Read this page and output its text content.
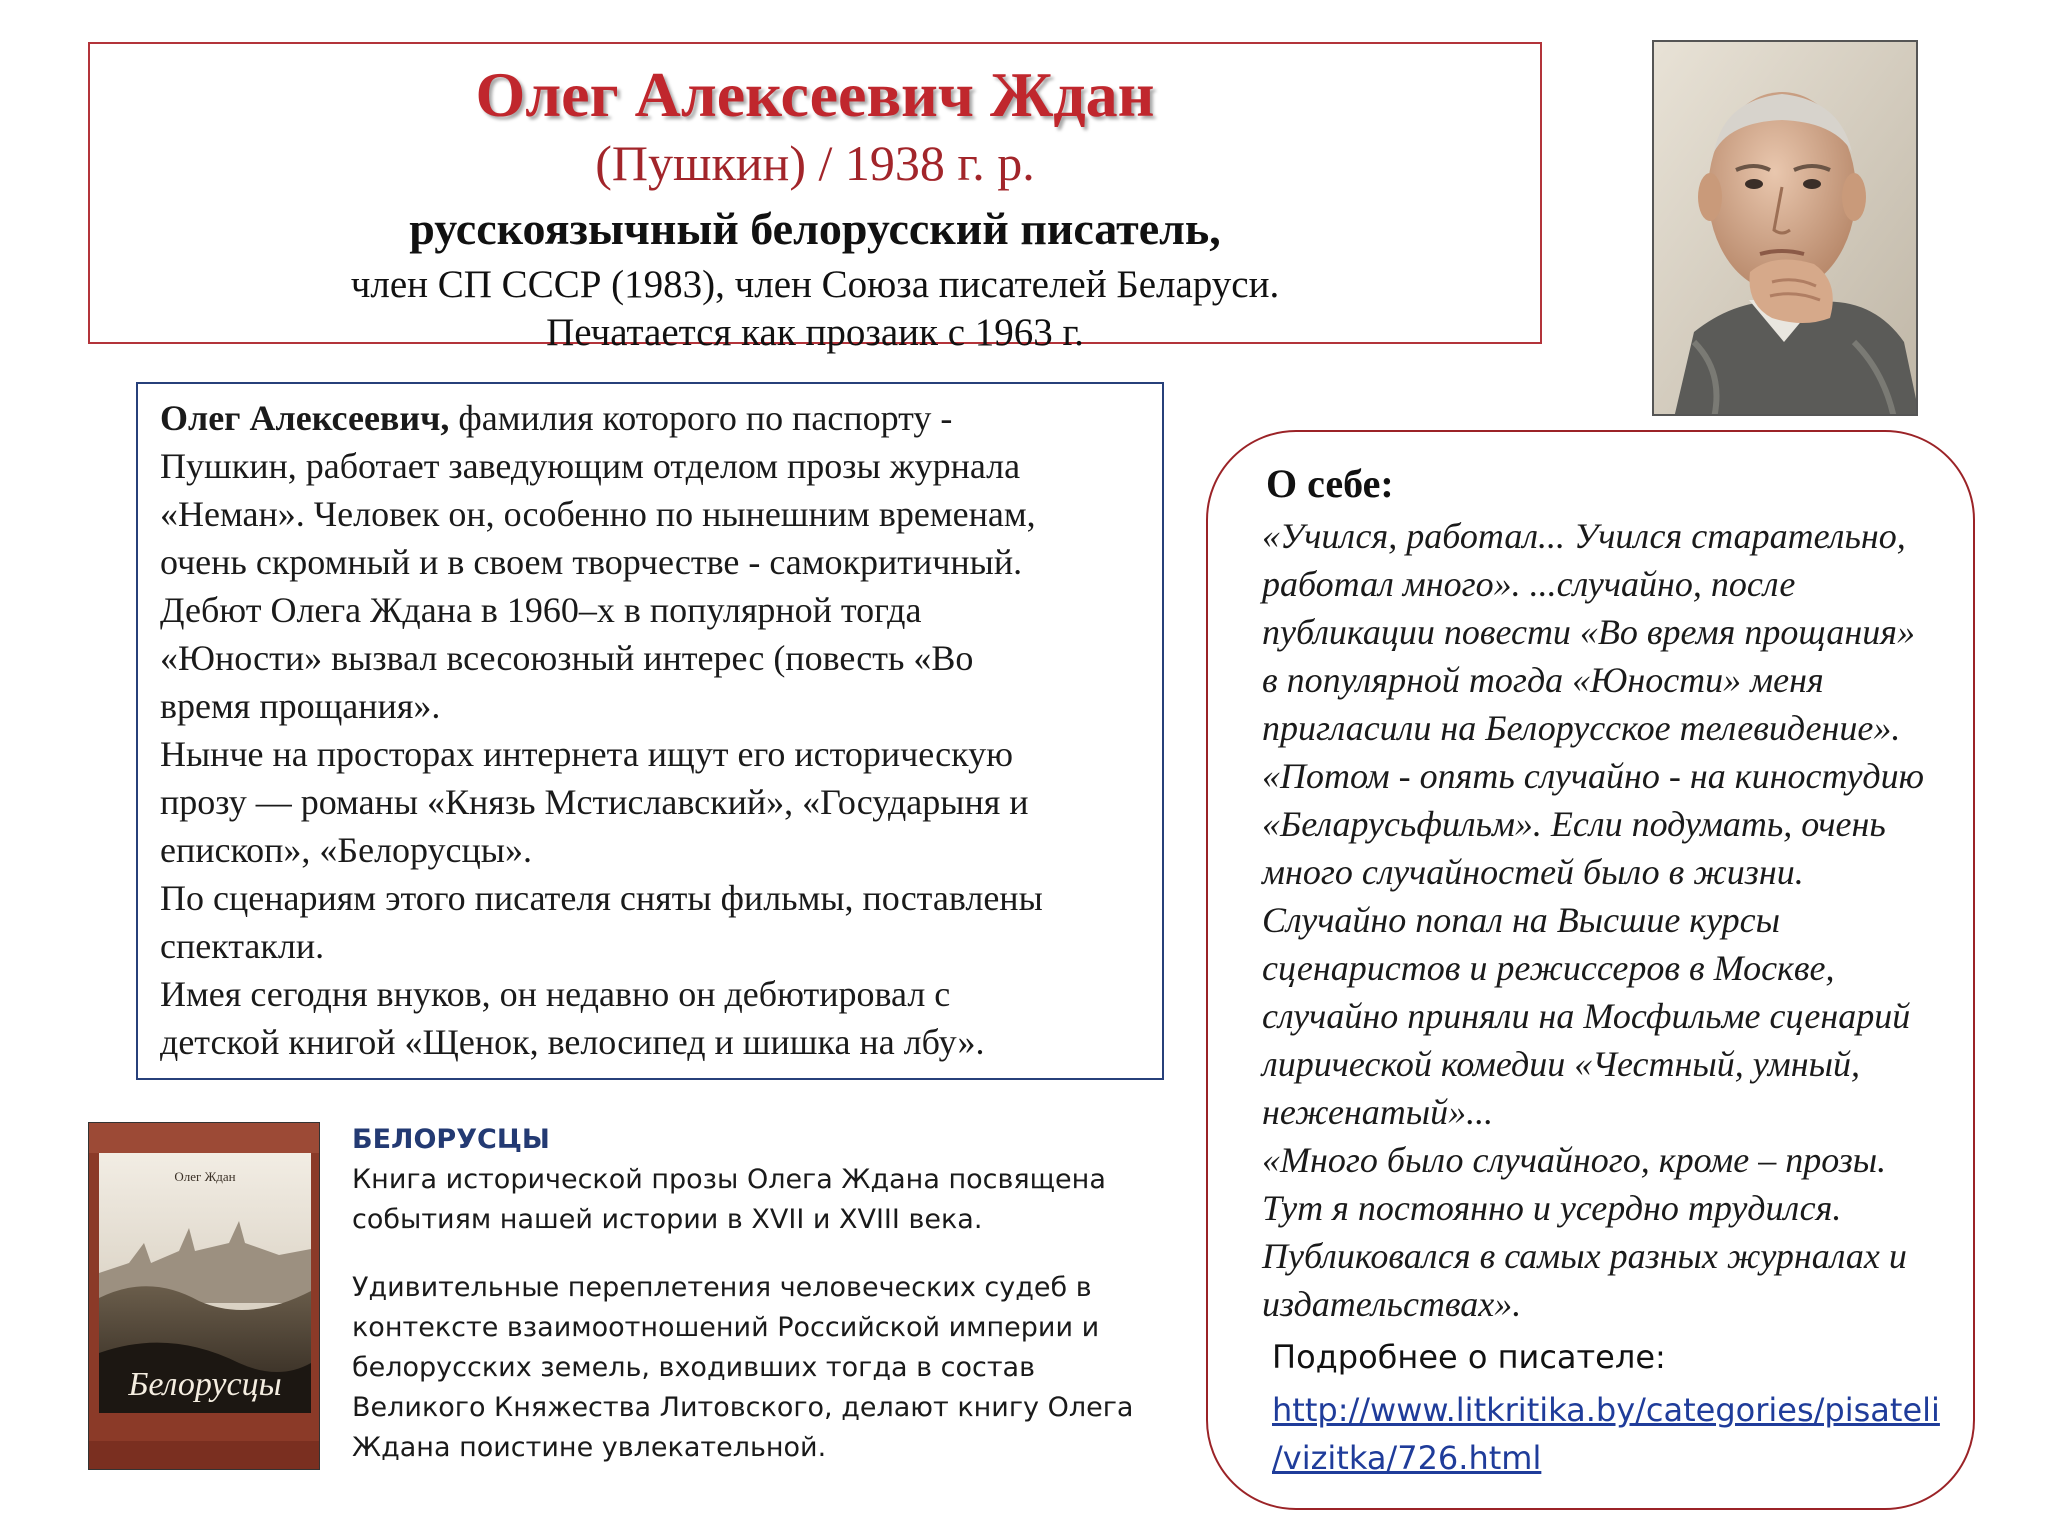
Олег Алексеевич Ждан
(Пушкин) / 1938 г. р.
русскоязычный белорусский писатель,
член СП СССР (1983), член Союза писателей Беларуси.
Печатается как прозаик с 1963 г.
Олег Алексеевич, фамилия которого по паспорту -
Пушкин, работает заведующим отделом прозы журнала
«Неман». Человек он, особенно по нынешним временам,
очень скромный и в своем творчестве - самокритичный.
Дебют Олега Ждана в 1960–х в популярной тогда
«Юности» вызвал всесоюзный интерес (повесть «Во
время прощания».
Нынче на просторах интернета ищут его историческую
прозу — романы «Князь Мстиславский», «Государыня и
епископ», «Белорусцы».
По сценариям этого писателя сняты фильмы, поставлены
спектакли.
Имея сегодня внуков, он недавно он дебютировал с
детской книгой «Щенок, велосипед и шишка на лбу».
О себе:
«Учился, работал... Учился старательно,
работал много». ...случайно, после
публикации повести «Во время прощания»
в популярной тогда «Юности» меня
пригласили на Белорусское телевидение».
«Потом - опять случайно - на киностудию
«Беларусьфильм». Если подумать, очень
много случайностей было в жизни.
Случайно попал на Высшие курсы
сценаристов и режиссеров в Москве,
случайно приняли на Мосфильме сценарий
лирической комедии «Честный, умный,
неженатый»...
«Много было случайного, кроме – прозы.
Тут я постоянно и усердно трудился.
Публиковался в самых разных журналах и
издательствах».
Подробнее о писателе:
http://www.litkritika.by/categories/pisateli
/vizitka/726.html
Олег Ждан
Белорусцы
БЕЛОРУСЦЫ
Книга исторической прозы Олега Ждана посвящена
событиям нашей истории в XVII и XVIII века.
Удивительные переплетения человеческих судеб в
контексте взаимоотношений Российской империи и
белорусских земель, входивших тогда в состав
Великого Княжества Литовского, делают книгу Олега
Ждана поистине увлекательной.
